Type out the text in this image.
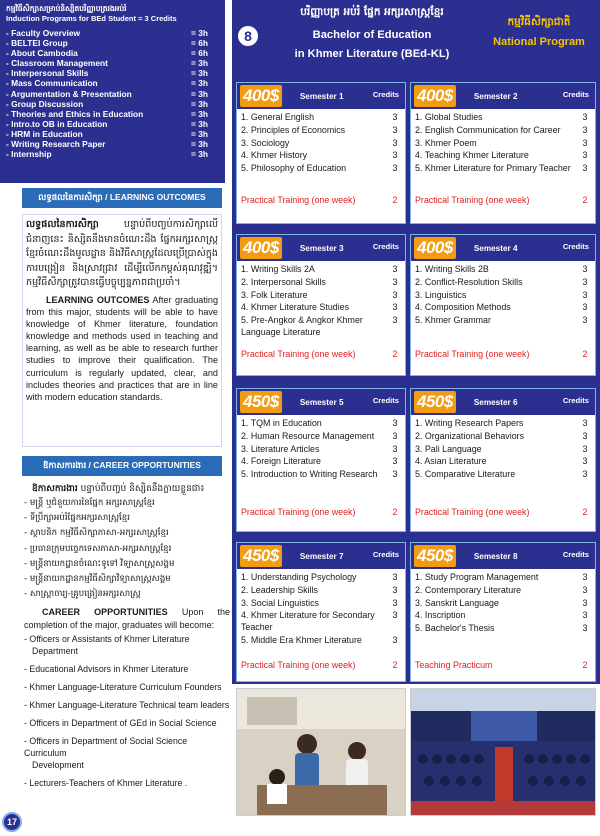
កម្មវិធីសិក្សាសម្រាប់និស្សិតបរិញ្ញាបត្ររងអប់រំ
Induction Programs for BEd Student = 3 Credits
- Faculty Overview	= 3h
- BELTEI Group	= 6h
- About Cambodia	= 6h
- Classroom Management	= 3h
- Interpersonal Skills	= 3h
- Mass Communication	= 3h
- Argumentation & Presentation	= 3h
- Group Discussion	= 3h
- Theories and Ethics in Education	= 3h
- Intro.to OB in Education	= 3h
- HRM in Education	= 3h
- Writing Research Paper	= 3h
- Internship	= 3h
លទ្ធផលនៃការសិក្សា / LEARNING OUTCOMES

លទ្ធផលនៃការសិក្សា បន្ទាប់ពីបញ្ចប់ការសិក្សាលើជំនាញនេះ និស្សិតនឹងមានចំណេះដឹង ផ្នែកអក្សរសាស្ត្រខ្មែរចំណេះដឹងមូលដ្ឋាន និងវិធីសាស្ត្រដែលប្រើប្រាស់ក្នុងការបង្រៀន និងស្រាវជ្រាវ ដើម្បីលើកកម្ពស់គុណវុឌ្ឍិ។ កម្មវិធីសិក្សាត្រូវបានធ្វើបច្ចុប្បន្នភាពជាប្រចាំ។

LEARNING OUTCOMES After graduating from this major, students will be able to have knowledge of Khmer literature, foundation knowledge and methods used in teaching and learning, as well as be able to research further studies to improve their qualification. The curriculum is regularly updated, clear, and includes theories and practices that are in line with modern education standards.

ឱកាសការងារ / CAREER OPPORTUNITIES

ឱកាសការងារ បន្ទាប់ពីបញ្ចប់ និស្សិតនឹងក្លាយខ្លួនជា៖

- មន្ត្រី ឬជំនួយការនៃផ្នែក អក្សរសាស្ត្រខ្មែរ
- ទីប្រឹក្សាអប់រំផ្នែកអក្សរសាស្ត្រខ្មែរ
- ស្ថាបនិក កម្មវិធីសិក្សាភាសា-អក្សរសាស្ត្រខ្មែរ
- ប្រធានក្រុមបច្ចេកទេសភាសា-អក្សរសាស្ត្រខ្មែរ
- មន្ត្រីនាយកដ្ឋានចំណេះទូទៅ វិទ្យាសាស្ត្រសង្គម
- មន្ត្រីនាយកដ្ឋានកម្មវិធីសិក្សាវិទ្យាសាស្ត្រសង្គម
- សាស្ត្រាចារ្យ-គ្រូបង្រៀនអក្សរសាស្ត្រ

CAREER OPPORTUNITIES Upon the completion of the major, graduates will become:

- Officers or Assistants of Khmer Literature
Department
- Educational Advisors in Khmer Literature
- Khmer Language-Literature Curriculum Founders
- Khmer Language-Literature Technical team leaders
- Officers in Department of GEd in Social Science
- Officers in Department of Social Science Curriculum
Development
- Lecturers-Teachers of Khmer Literature .
17
8
បរិញ្ញាបត្រ អប់រំ ផ្នែក អក្សរសាស្ត្រខ្មែរ
Bachelor of Education
in Khmer Literature (BEd-KL)
កម្មវិធីសិក្សាជាតិ
National Program
400$	Semester 1	Credits
1. General English	3
2. Principles of Economics	3
3. Sociology	3
4. Khmer History	3
5. Philosophy of Education	3
Practical Training (one week)	2
400$	Semester 2	Credits
1. Global Studies	3
2. English Communication for Career	3
3. Khmer Poem	3
4. Teaching Khmer Literature	3
5. Khmer Literature for Primary Teacher	3
Practical Training (one week)	2
400$	Semester 3	Credits
1. Writing Skills 2A	3
2. Interpersonal Skills	3
3. Folk Literature	3
4. Khmer Literature Studies	3
5. Pre-Angkor & Angkor Khmer Language Literature
3
Practical Training (one week)	2
400$	Semester 4	Credits
1. Writing Skills 2B	3
2. Conflict-Resolution Skills	3
3. Linguistics	3
4. Composition Methods	3
5. Khmer Grammar	3
Practical Training (one week)	2
450$	Semester 5	Credits
1. TQM in Education	3
2. Human Resource Management	3
3. Literature Articles	3
4. Foreign Literature	3
5. Introduction to Writing Research	3
Practical Training (one week)	2
450$	Semester 6	Credits
1. Writing Research Papers	3
2. Organizational Behaviors	3
3. Pali Language	3
4. Asian Literature	3
5. Comparative Literature	3
Practical Training (one week)	2
450$	Semester 7	Credits
1. Understanding Psychology	3
2. Leadership Skills	3
3. Social Linguistics	3
4. Khmer Literature for Secondary Teacher
3
5. Middle Era Khmer Literature	3
Practical Training (one week)	2
450$	Semester 8	Credits
1. Study Program Management	3
2. Contemporary Literature	3
3. Sanskrit Language	3
4. Inscription	3
5. Bachelor's Thesis	3
Teaching Practicum	2
